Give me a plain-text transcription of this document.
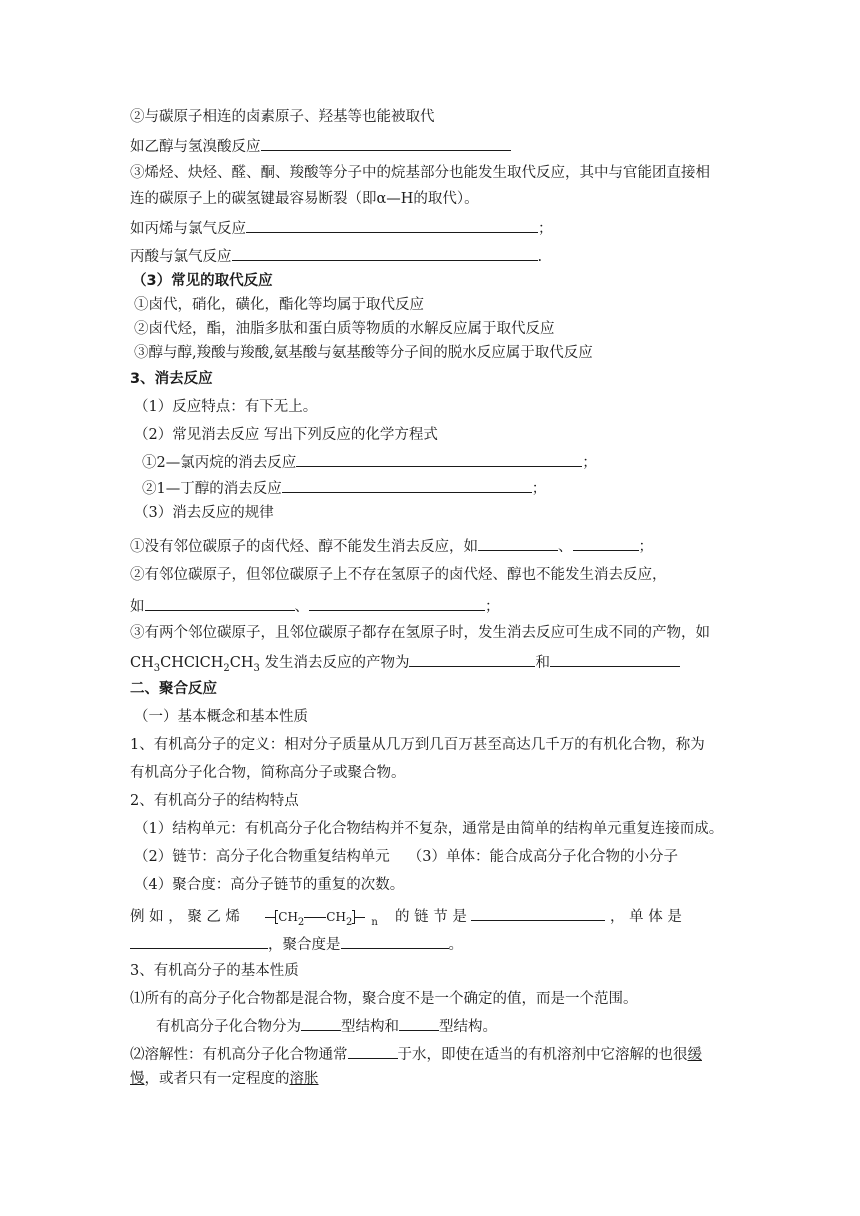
②与碳原子相连的卤素原子、羟基等也能被取代
如乙醇与氢溴酸反应
③烯烃、炔烃、醛、酮、羧酸等分子中的烷基部分也能发生取代反应，其中与官能团直接相
连的碳原子上的碳氢键最容易断裂（即α—H的取代）。
如丙烯与氯气反应	；
丙酸与氯气反应	.
（3）常见的取代反应
①卤代，硝化，磺化，酯化等均属于取代反应
②卤代烃，酯，油脂多肽和蛋白质等物质的水解反应属于取代反应
③醇与醇,羧酸与羧酸,氨基酸与氨基酸等分子间的脱水反应属于取代反应
3、消去反应
（1）反应特点：有下无上。
（2）常见消去反应 写出下列反应的化学方程式
①2—氯丙烷的消去反应	；
②1—丁醇的消去反应	；
（3）消去反应的规律
①没有邻位碳原子的卤代烃、醇不能发生消去反应，如	、	；
②有邻位碳原子，但邻位碳原子上不存在氢原子的卤代烃、醇也不能发生消去反应，
如	、	；
③有两个邻位碳原子，且邻位碳原子都存在氢原子时，发生消去反应可生成不同的产物，如
$CH_3CHClCH_2CH_3$ 发生消去反应的产物为	和
二、聚合反应
（一）基本概念和基本性质
1、有机高分子的定义：相对分子质量从几万到几百万甚至高达几千万的有机化合物，称为
有机高分子化合物，简称高分子或聚合物。
2、有机高分子的结构特点
（1）结构单元：有机高分子化合物结构并不复杂，通常是由简单的结构单元重复连接而成。
（2）链节：高分子化合物重复结构单元 （3）单体：能合成高分子化合物的小分子
（4）聚合度：高分子链节的重复的次数。
例 如 ， 聚 乙 烯	$CH_2$ $CH_2$ $_n$ 的 链 节 是	， 单 体 是
，聚合度是	。
3、有机高分子的基本性质
⑴所有的高分子化合物都是混合物，聚合度不是一个确定的值，而是一个范围。
有机高分子化合物分为	型结构和	型结构。
⑵溶解性：有机高分子化合物通常	于水，即使在适当的有机溶剂中它溶解的也很缓
慢，或者只有一定程度的溶胀
